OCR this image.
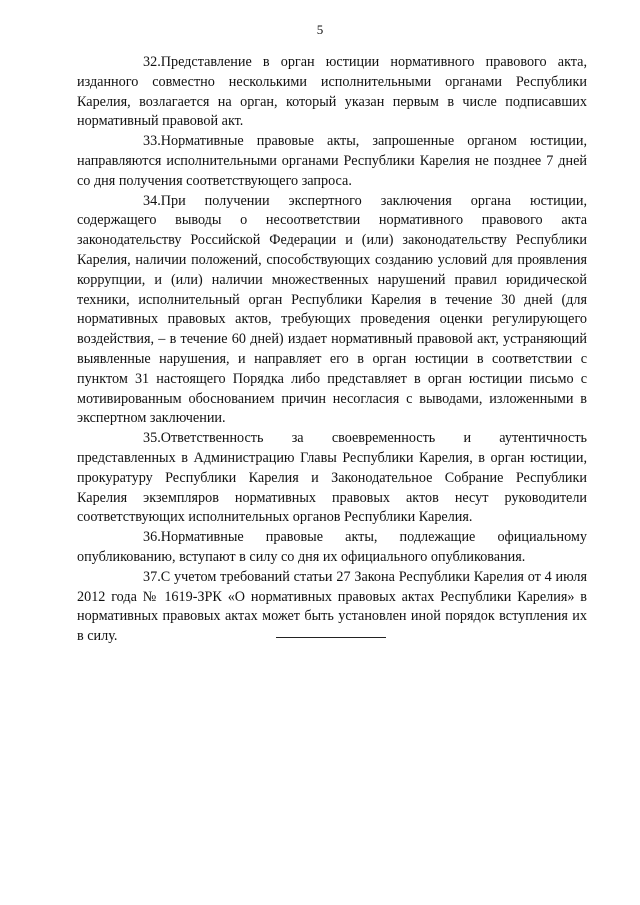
5

32.Представление в орган юстиции нормативного правового акта, изданного совместно несколькими исполнительными органами Республики Карелия, возлагается на орган, который указан первым в числе подписавших нормативный правовой акт.

33.Нормативные правовые акты, запрошенные органом юстиции, направляются исполнительными органами Республики Карелия не позднее 7 дней со дня получения соответствующего запроса.

34.При получении экспертного заключения органа юстиции, содержащего выводы о несоответствии нормативного правового акта законодательству Российской Федерации и (или) законодательству Республики Карелия, наличии положений, способствующих созданию условий для проявления коррупции, и (или) наличии множественных нарушений правил юридической техники, исполнительный орган Республики Карелия в течение 30 дней (для нормативных правовых актов, требующих проведения оценки регулирующего воздействия, – в течение 60 дней) издает нормативный правовой акт, устраняющий выявленные нарушения, и направляет его в орган юстиции в соответствии с пунктом 31 настоящего Порядка либо представляет в орган юстиции письмо с мотивированным обоснованием причин несогласия с выводами, изложенными в экспертном заключении.

35.Ответственность за своевременность и аутентичность представленных в Администрацию Главы Республики Карелия, в орган юстиции, прокуратуру Республики Карелия и Законодательное Собрание Республики Карелия экземпляров нормативных правовых актов несут руководители соответствующих исполнительных органов Республики Карелия.

36.Нормативные правовые акты, подлежащие официальному опубликованию, вступают в силу со дня их официального опубликования.

37.С учетом требований статьи 27 Закона Республики Карелия от 4 июля 2012 года № 1619-ЗРК «О нормативных правовых актах Республики Карелия» в нормативных правовых актах может быть установлен иной порядок вступления их в силу.
